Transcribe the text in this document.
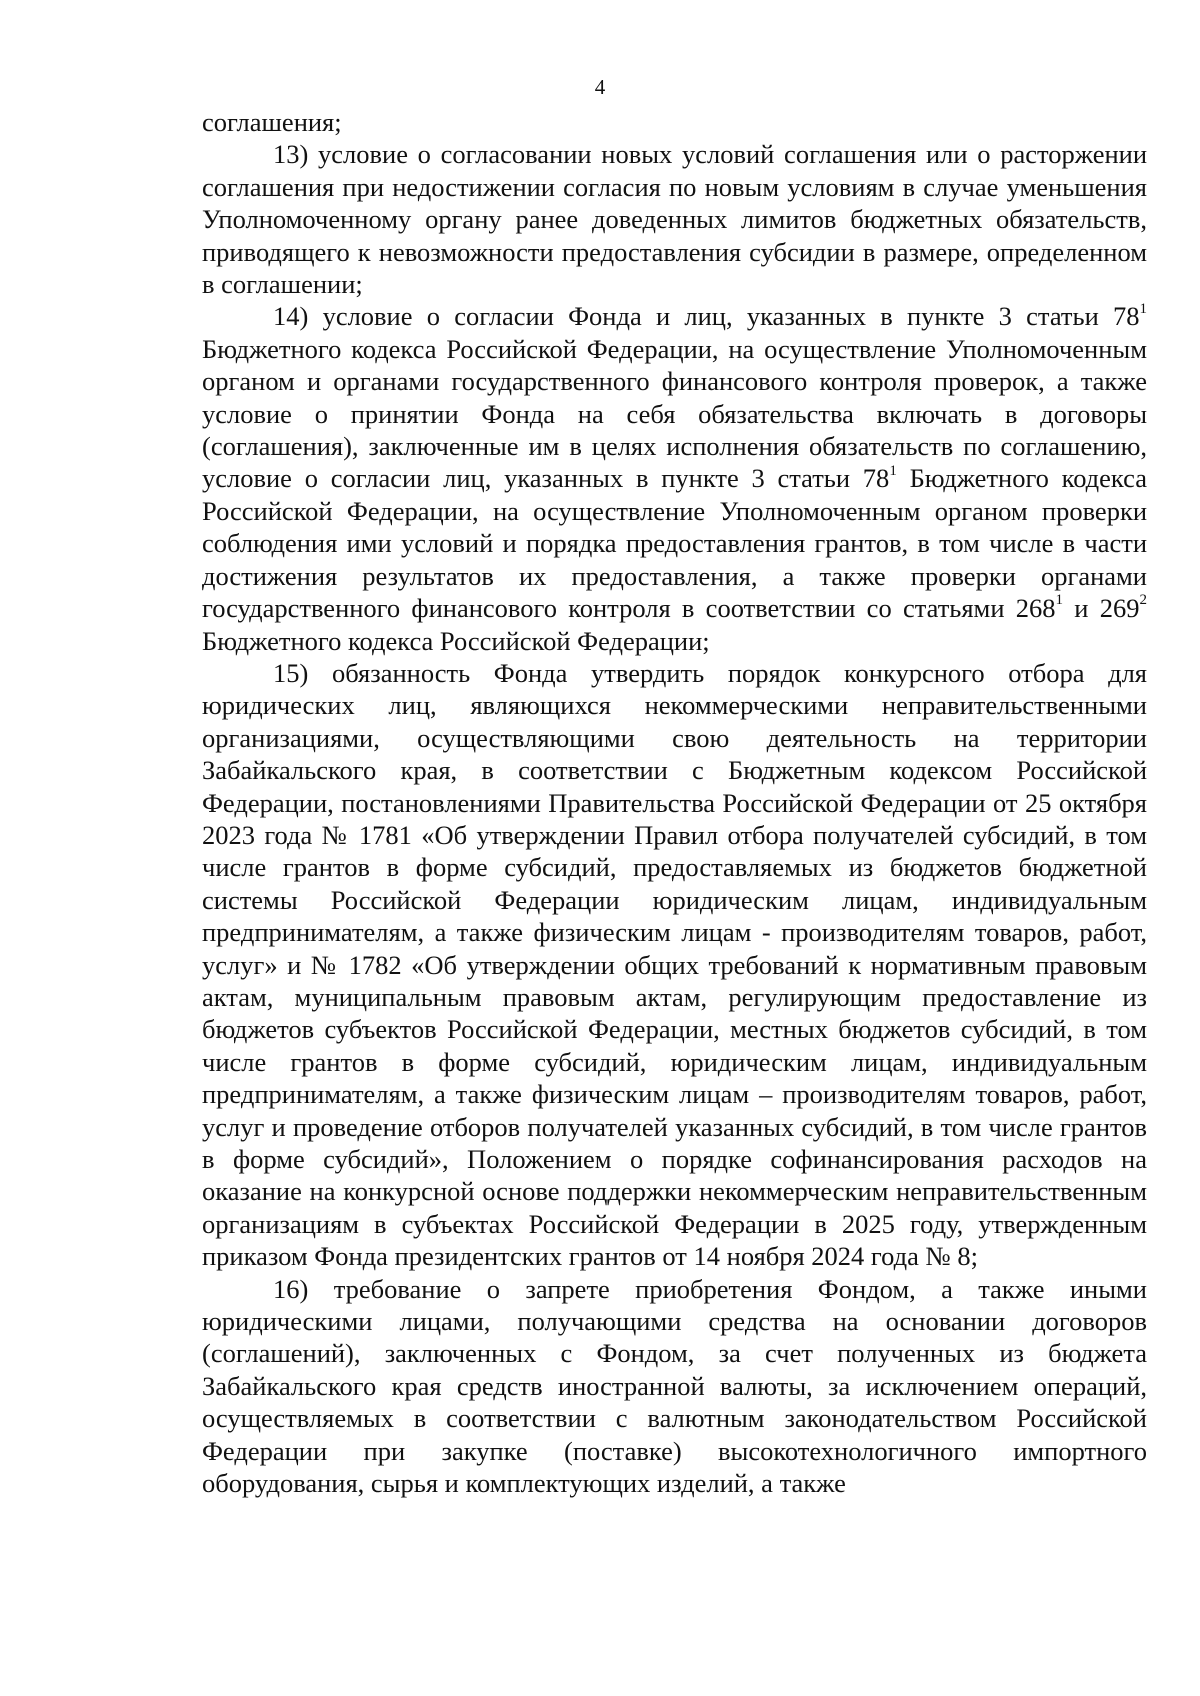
4

соглашения;

13) условие о согласовании новых условий соглашения или о расторжении соглашения при недостижении согласия по новым условиям в случае уменьшения Уполномоченному органу ранее доведенных лимитов бюджетных обязательств, приводящего к невозможности предоставления субсидии в размере, определенном в соглашении;

14) условие о согласии Фонда и лиц, указанных в пункте 3 статьи $78^1$ Бюджетного кодекса Российской Федерации, на осуществление Уполномоченным органом и органами государственного финансового контроля проверок, а также условие о принятии Фонда на себя обязательства включать в договоры (соглашения), заключенные им в целях исполнения обязательств по соглашению, условие о согласии лиц, указанных в пункте 3 статьи $78^1$ Бюджетного кодекса Российской Федерации, на осуществление Уполномоченным органом проверки соблюдения ими условий и порядка предоставления грантов, в том числе в части достижения результатов их предоставления, а также проверки органами государственного финансового контроля в соответствии со статьями $268^1$ и $269^2$ Бюджетного кодекса Российской Федерации;

15) обязанность Фонда утвердить порядок конкурсного отбора для юридических лиц, являющихся некоммерческими неправительственными организациями, осуществляющими свою деятельность на территории Забайкальского края, в соответствии с Бюджетным кодексом Российской Федерации, постановлениями Правительства Российской Федерации от 25 октября 2023 года № 1781 «Об утверждении Правил отбора получателей субсидий, в том числе грантов в форме субсидий, предоставляемых из бюджетов бюджетной системы Российской Федерации юридическим лицам, индивидуальным предпринимателям, а также физическим лицам - производителям товаров, работ, услуг» и № 1782 «Об утверждении общих требований к нормативным правовым актам, муниципальным правовым актам, регулирующим предоставление из бюджетов субъектов Российской Федерации, местных бюджетов субсидий, в том числе грантов в форме субсидий, юридическим лицам, индивидуальным предпринимателям, а также физическим лицам – производителям товаров, работ, услуг и проведение отборов получателей указанных субсидий, в том числе грантов в форме субсидий», Положением о порядке софинансирования расходов на оказание на конкурсной основе поддержки некоммерческим неправительственным организациям в субъектах Российской Федерации в 2025 году, утвержденным приказом Фонда президентских грантов от 14 ноября 2024 года № 8;

16) требование о запрете приобретения Фондом, а также иными юридическими лицами, получающими средства на основании договоров (соглашений), заключенных с Фондом, за счет полученных из бюджета Забайкальского края средств иностранной валюты, за исключением операций, осуществляемых в соответствии с валютным законодательством Российской Федерации при закупке (поставке) высокотехнологичного импортного оборудования, сырья и комплектующих изделий, а также
